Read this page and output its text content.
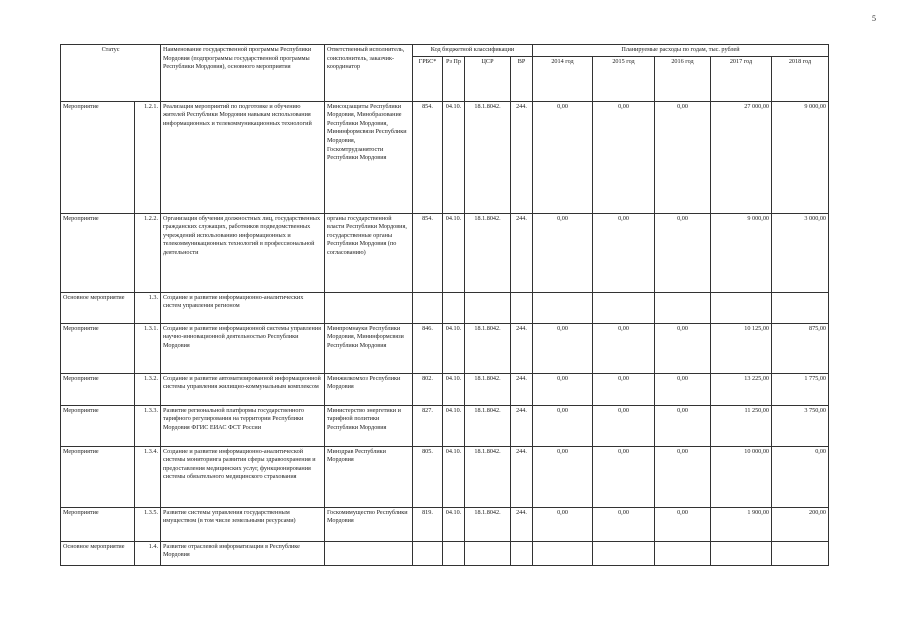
5
Статус		Наименование государственной программы Республики Мордовия (подпрограммы государственной программы Республики Мордовия), основного мероприятия	Ответственный исполнитель, соисполнитель, заказчик-координатор	Код бюджетной классификации				Планируемые расходы по годам, тыс. рублей				
				ГРБС*	Рз Пр	ЦСР	ВР	2014 год	2015 год	2016 год	2017 год	2018 год
Мероприятие	1.2.1.	Реализация мероприятий по подготовке и обучению жителей Республики Мордовия навыкам использования информационных и телекоммуникационных технологий	Минсоцзащиты Республики Мордовия, Минобразование Республики Мордовия, Мининформсвязи Республики Мордовия, Госкомтрудзанятости Республики Мордовия	854.	04.10.	18.1.8042.	244.	0,00	0,00	0,00	27 000,00	9 000,00
Мероприятие	1.2.2.	Организация обучения должностных лиц, государственных гражданских служащих, работников подведомственных учреждений использованию информационных и телекоммуникационных технологий в профессиональной деятельности	органы государственной власти Республики Мордовия, государственные органы Республики Мордовия (по согласованию)	854.	04.10.	18.1.8042.	244.	0,00	0,00	0,00	9 000,00	3 000,00
Основное мероприятие	1.3.	Создание и развитие информационно-аналитических систем управления регионом										
Мероприятие	1.3.1.	Создание и развитие информационной системы управления научно-инновационной деятельностью Республики Мордовия	Минпромнауки Республики Мордовия, Мининформсвязи Республики Мордовия	846.	04.10.	18.1.8042.	244.	0,00	0,00	0,00	10 125,00	875,00
Мероприятие	1.3.2.	Создание и развитие автоматизированной информационной системы управления жилищно-коммунальным комплексом	Минжилкомхоз Республики Мордовия	802.	04.10.	18.1.8042.	244.	0,00	0,00	0,00	13 225,00	1 775,00
Мероприятие	1.3.3.	Развитие региональной платформы государственного тарифного регулирования на территории Республики Мордовия ФГИС ЕИАС ФСТ России	Министерство энергетики и тарифной политики Республики Мордовия	827.	04.10.	18.1.8042.	244.	0,00	0,00	0,00	11 250,00	3 750,00
Мероприятие	1.3.4.	Создание и развитие информационно-аналитической системы мониторинга развития сферы здравоохранения и предоставления медицинских услуг, функционирования системы обязательного медицинского страхования	Минздрав Республики Мордовия	805.	04.10.	18.1.8042.	244.	0,00	0,00	0,00	10 000,00	0,00
Мероприятие	1.3.5.	Развитие системы управления государственным имуществом (в том числе земельными ресурсами)	Госкомимущество Республики Мордовия	819.	04.10.	18.1.8042.	244.	0,00	0,00	0,00	1 900,00	200,00
Основное мероприятие	1.4.	Развитие отраслевой информатизации в Республике Мордовия										
